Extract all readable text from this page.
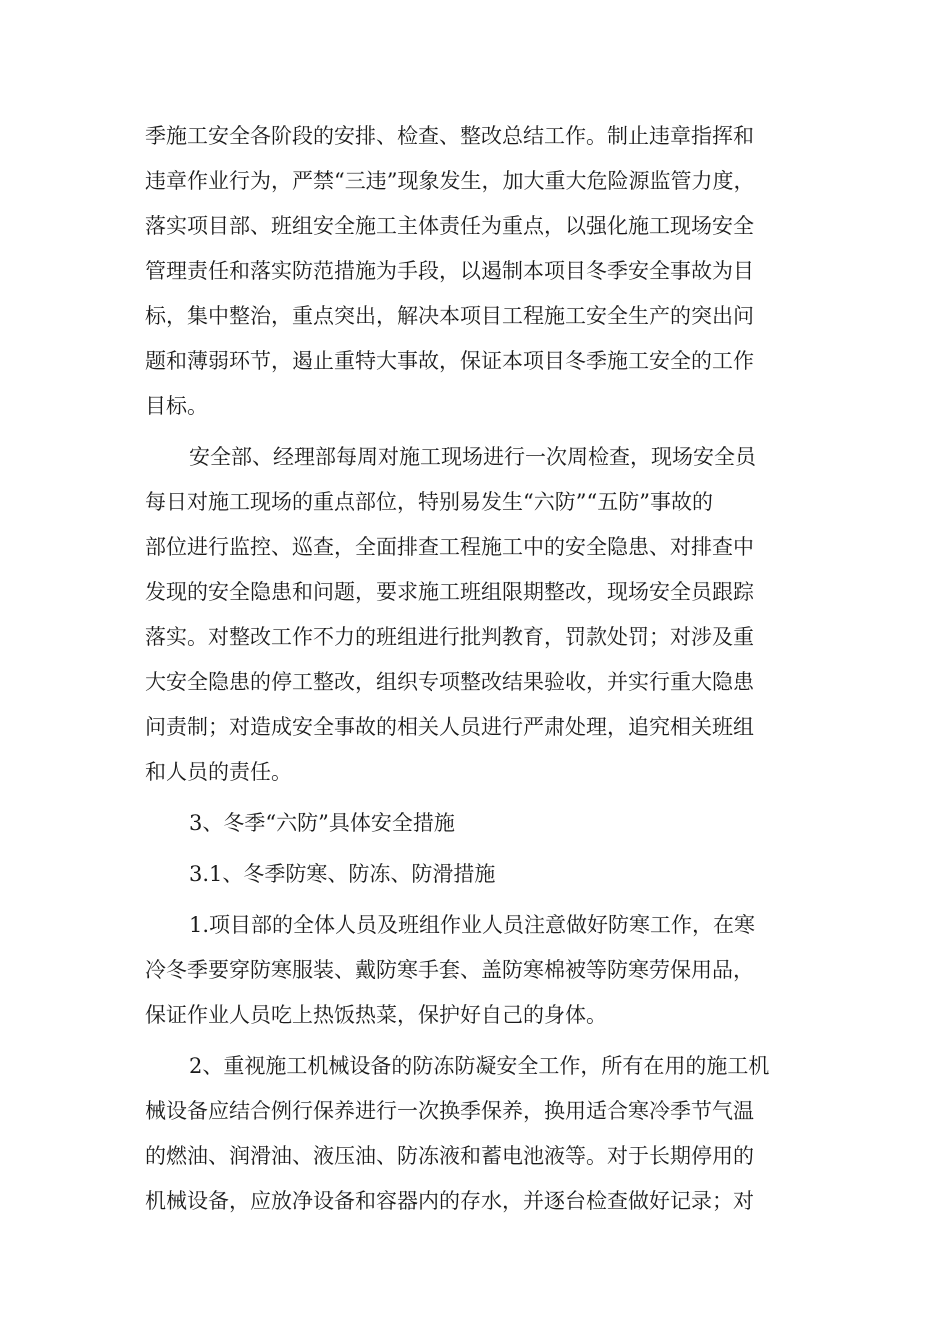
季施工安全各阶段的安排、检查、整改总结工作。制止违章指挥和
违章作业行为，严禁“三违”现象发生，加大重大危险源监管力度，
落实项目部、班组安全施工主体责任为重点，以强化施工现场安全
管理责任和落实防范措施为手段，以遏制本项目冬季安全事故为目
标，集中整治，重点突出，解决本项目工程施工安全生产的突出问
题和薄弱环节，遏止重特大事故，保证本项目冬季施工安全的工作
目标。
安全部、经理部每周对施工现场进行一次周检查，现场安全员
每日对施工现场的重点部位，特别易发生“六防”“五防”事故的
部位进行监控、巡查，全面排查工程施工中的安全隐患、对排查中
发现的安全隐患和问题，要求施工班组限期整改，现场安全员跟踪
落实。对整改工作不力的班组进行批判教育，罚款处罚；对涉及重
大安全隐患的停工整改，组织专项整改结果验收，并实行重大隐患
问责制；对造成安全事故的相关人员进行严肃处理，追究相关班组
和人员的责任。
3、冬季“六防”具体安全措施
3.1、冬季防寒、防冻、防滑措施
1.项目部的全体人员及班组作业人员注意做好防寒工作，在寒
冷冬季要穿防寒服装、戴防寒手套、盖防寒棉被等防寒劳保用品，
保证作业人员吃上热饭热菜，保护好自己的身体。
2、重视施工机械设备的防冻防凝安全工作，所有在用的施工机
械设备应结合例行保养进行一次换季保养，换用适合寒冷季节气温
的燃油、润滑油、液压油、防冻液和蓄电池液等。对于长期停用的
机械设备，应放净设备和容器内的存水，并逐台检查做好记录；对
